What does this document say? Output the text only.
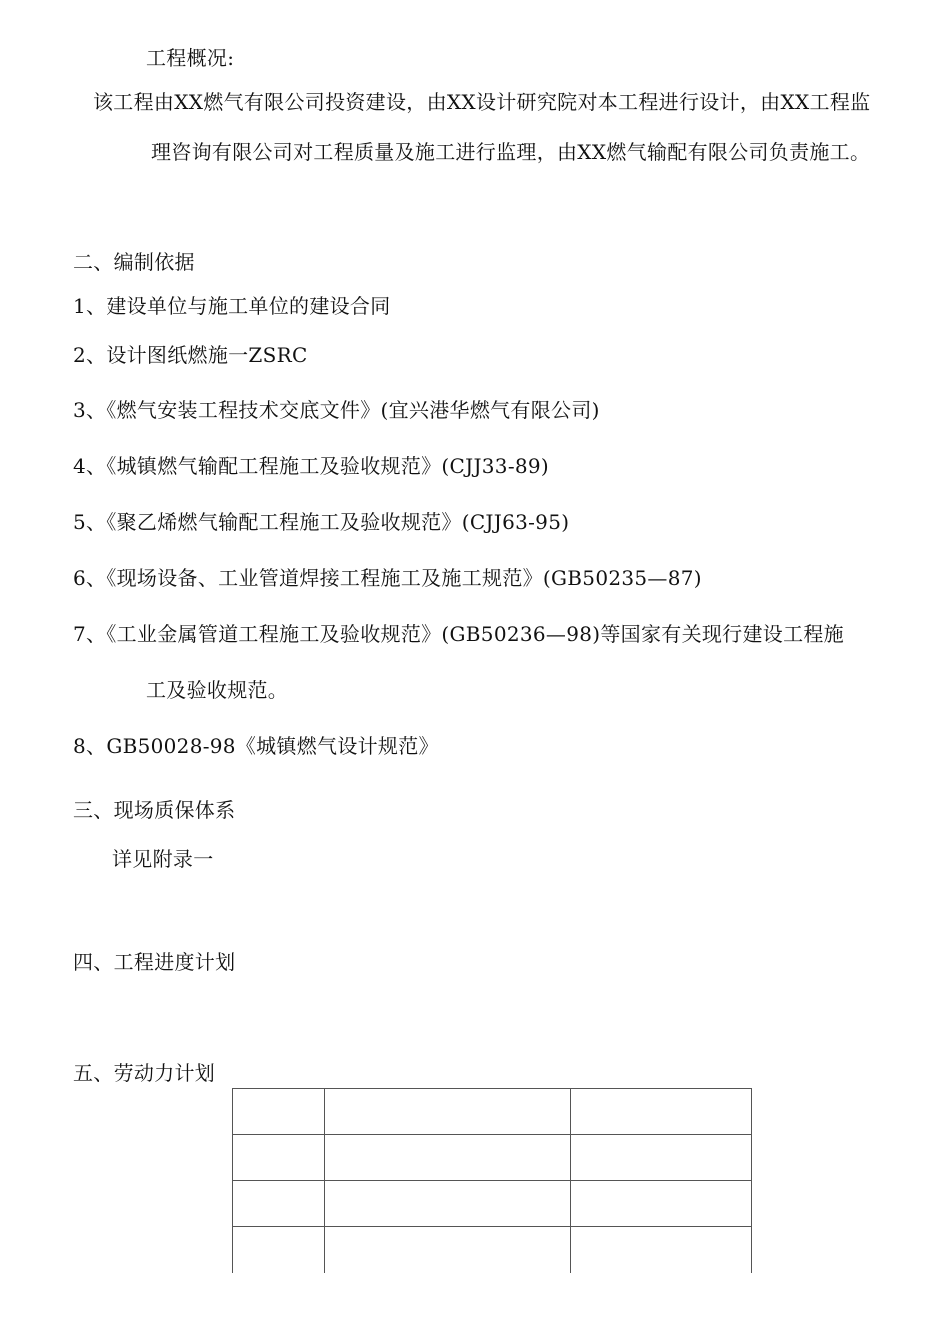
工程概况:
该工程由XX燃气有限公司投资建设，由XX设计研究院对本工程进行设计，由XX工程监
理咨询有限公司对工程质量及施工进行监理，由XX燃气输配有限公司负责施工。
二、编制依据
1、建设单位与施工单位的建设合同
2、设计图纸燃施一ZSRC
3、《燃气安装工程技术交底文件》(宜兴港华燃气有限公司)
4、《城镇燃气输配工程施工及验收规范》(CJJ33-89)
5、《聚乙烯燃气输配工程施工及验收规范》(CJJ63-95)
6、《现场设备、工业管道焊接工程施工及施工规范》(GB50235—87)
7、《工业金属管道工程施工及验收规范》(GB50236—98)等国家有关现行建设工程施
工及验收规范。
8、GB50028-98《城镇燃气设计规范》
三、现场质保体系
详见附录一
四、工程进度计划
五、劳动力计划
